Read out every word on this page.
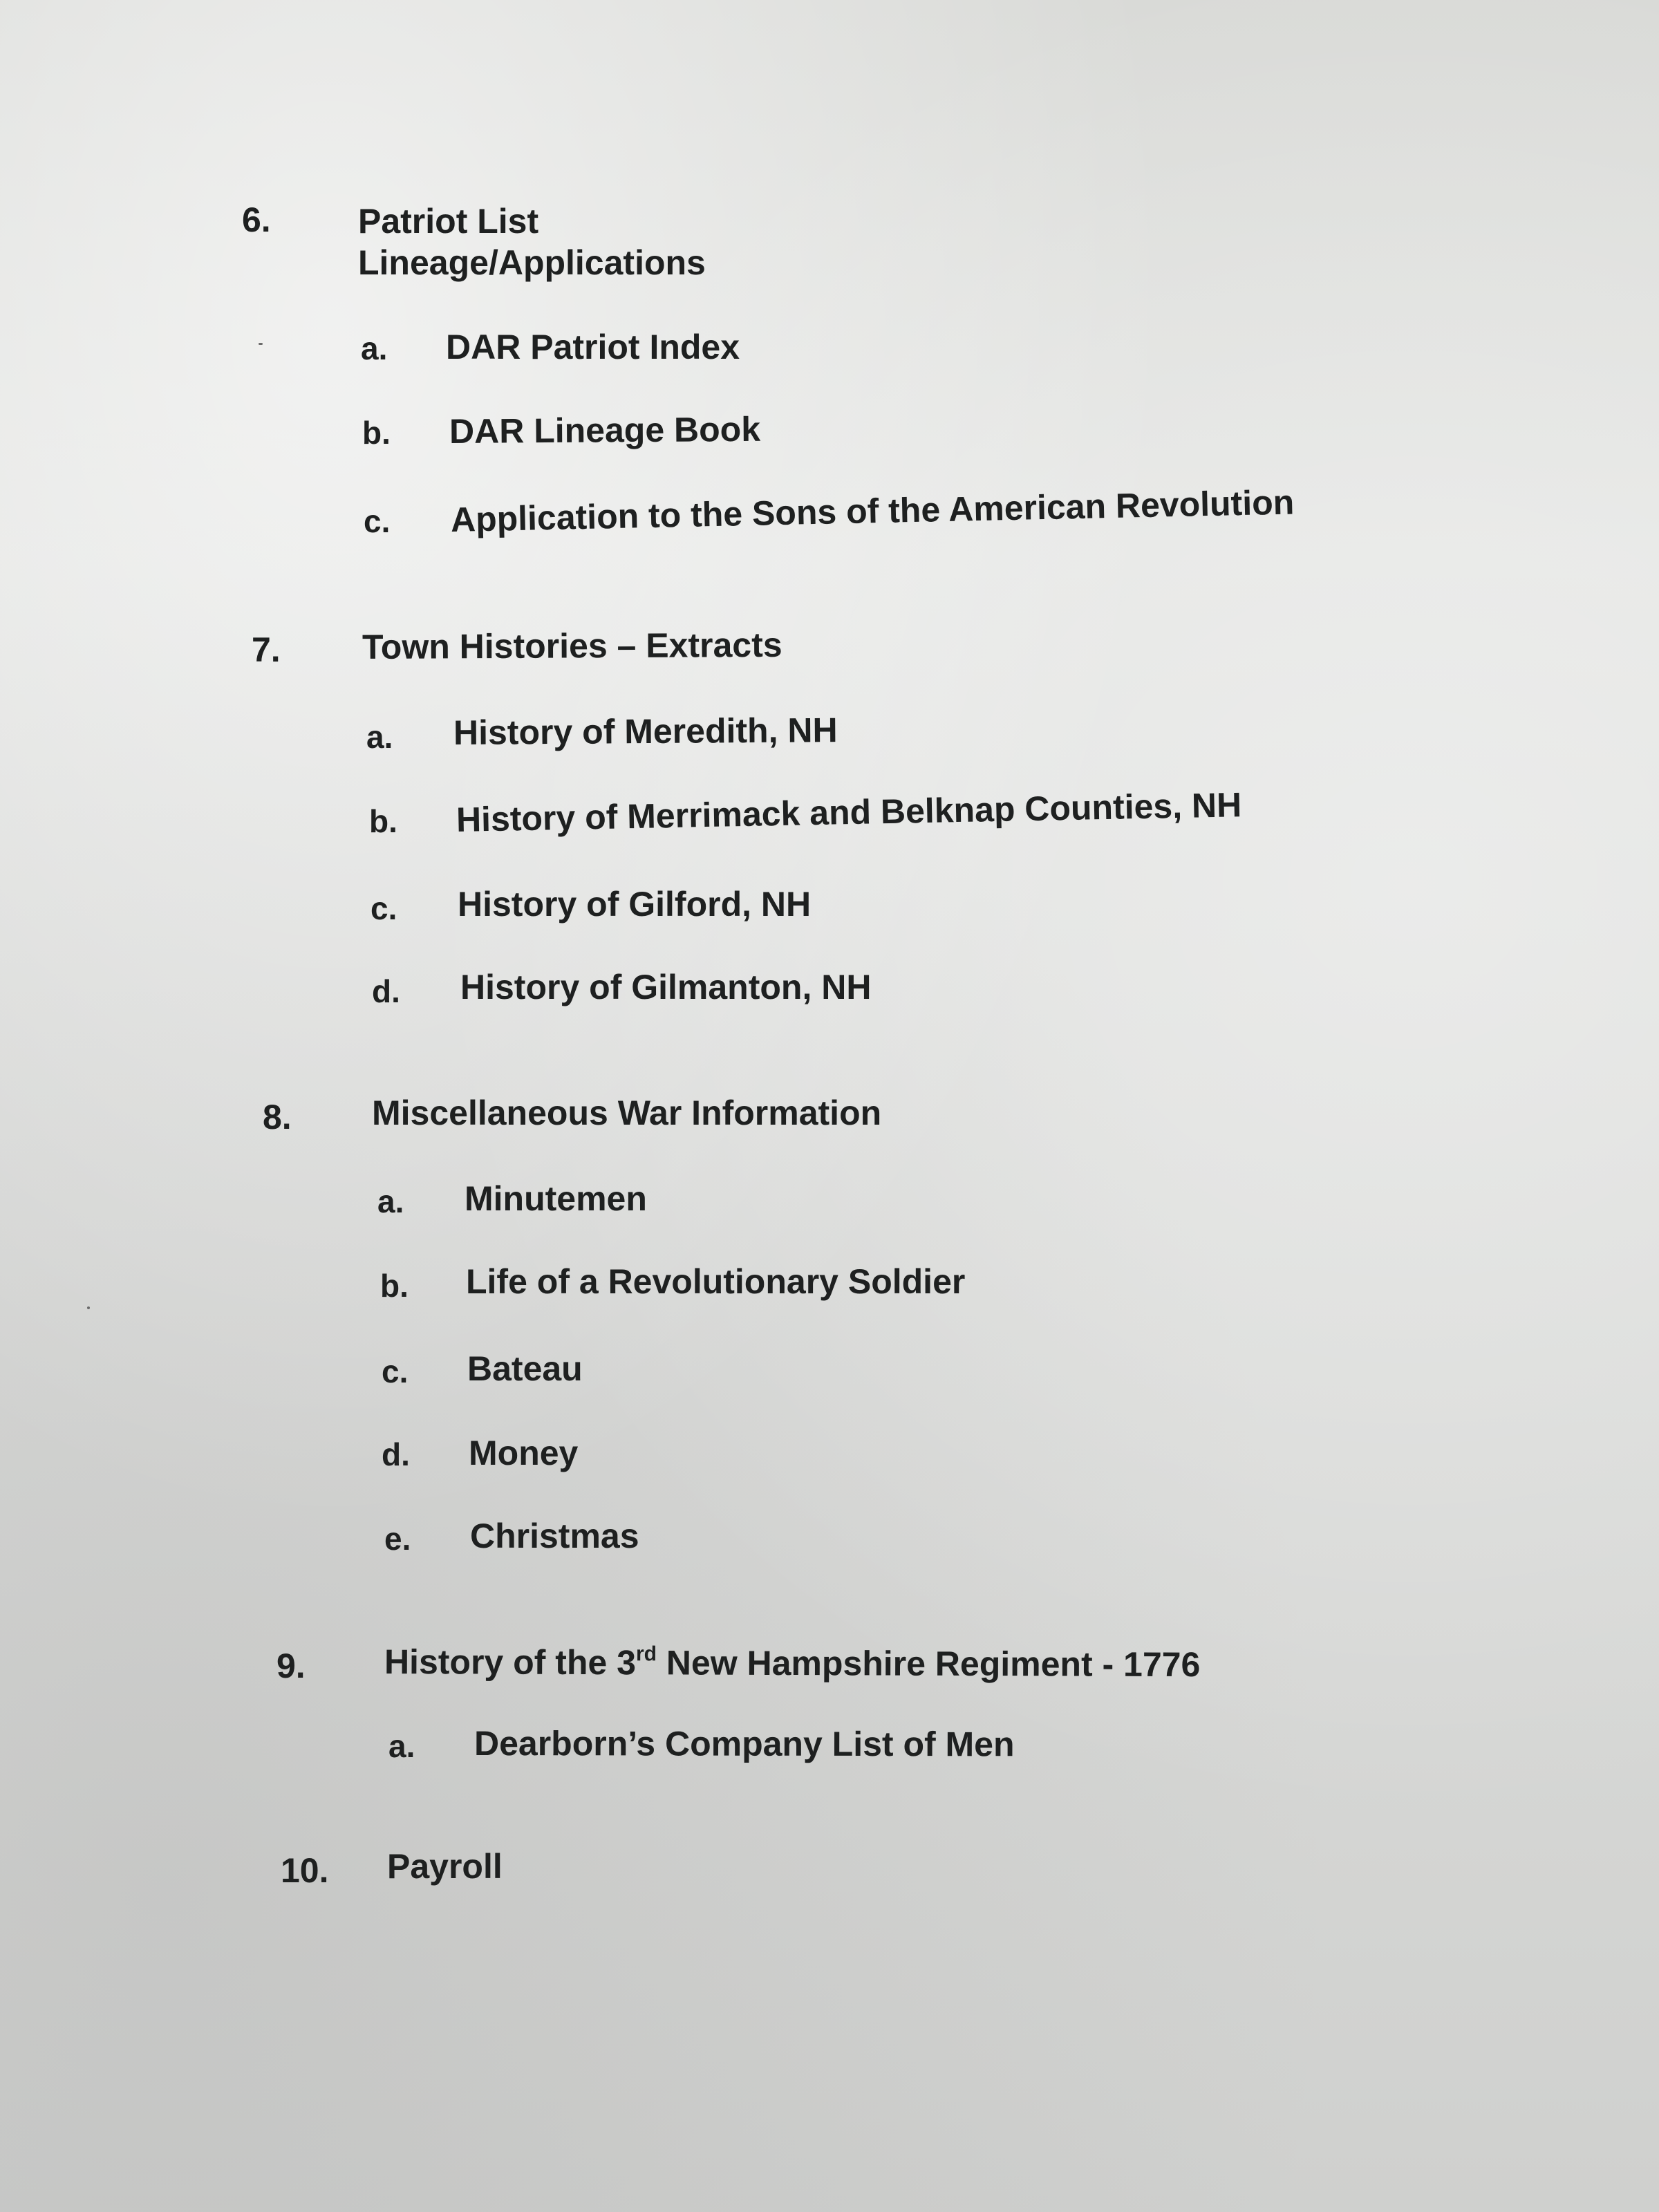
6.	Patriot List
Lineage/Applications
a. DAR Patriot Index
b. DAR Lineage Book
c. Application to the Sons of the American Revolution
7. Town Histories – Extracts
a. History of Meredith, NH
b. History of Merrimack and Belknap Counties, NH
c. History of Gilford, NH
d. History of Gilmanton, NH
8. Miscellaneous War Information
a. Minutemen
b. Life of a Revolutionary Soldier
c. Bateau
d. Money
e. Christmas
9. History of the 3rd New Hampshire Regiment - 1776
a. Dearborn’s Company List of Men
10. Payroll
